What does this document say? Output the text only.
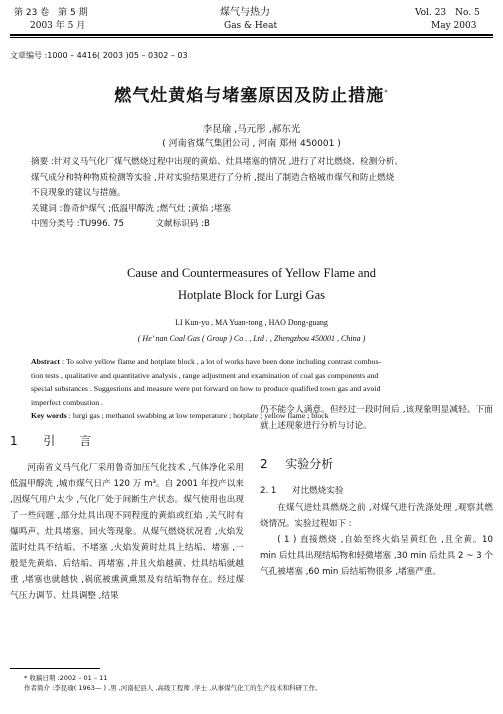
第 23 卷　第 5 期
2003 年 5 月
煤气与热力
Gas & Heat
Vol. 23　No. 5
May 2003
文章编号 :1000 – 4416( 2003 )05 – 0302 – 03
燃气灶黄焰与堵塞原因及防止措施*
李昆瑜 ,马元彤 ,郝东光
( 河南省煤气集团公司 , 河南 郑州 450001 )
摘要 :针对义马气化厂煤气燃烧过程中出现的黄焰、灶具堵塞的情况 ,进行了对比燃烧、检测分析、
煤气成分和特种物质检测等实验 ,并对实验结果进行了分析 ,提出了制造合格城市煤气和防止燃烧
不良现象的建议与措施。
关键词 :鲁奇炉煤气 ;低温甲醇洗 ;燃气灶 ;黄焰 ;堵塞
中图分类号 :TU996. 75	文献标识码 :B
Cause and Countermeasures of Yellow Flame and
Hotplate Block for Lurgi Gas
LI Kun-yu , MA Yuan-tong , HAO Dong-guang
( He’ nan Coal Gas ( Group ) Co . , Ltd . , Zhengzhou 450001 , China )
Abstract : To solve yellow flame and hotplate block , a lot of works have been done including contrast combus-
tion tests , qualitative and quantitative analysis , range adjustment and examination of coal gas components and
special substances . Suggestions and measure were put forward on how to produce qualified town gas and avoid
imperfect combustion .
Key words : lurgi gas ; methanol swabbing at low temperature ; hotplate ; yellow flame ; block
1 引　　言

河南省义马气化厂采用鲁奇加压气化技术 ,气体净化采用低温甲醇洗 ,城市煤气日产 120 万 m³。自 2001 年投产以来 ,因煤气用户太少 ,气化厂处于间断生产状态。煤气使用也出现了一些问题 ,部分灶具出现不同程度的黄焰或红焰 ,关气时有爆鸣声、灶具堵塞、回火等现象。从煤气燃烧状况看 ,火焰发蓝时灶具不结垢、不堵塞 ,火焰发黄时灶具上结垢、堵塞 ,一般是先黄焰、后结垢、再堵塞 ,并且火焰越黄、灶具结垢就越重 ,堵塞也就越快 ,祸底被熏黄熏黑及有结垢物存在。经过煤气压力调节、灶具调整 ,结果

仍不能令人满意。但经过一段时间后 ,该现象明显减轻。下面就上述现象进行分析与讨论。

2 实验分析
2. 1 对比燃烧实验

在煤气进灶具燃烧之前 ,对煤气进行洗涤处理 ,观察其燃烧情况。实验过程如下 :

( 1 ) 直接燃烧 ,自始至终火焰呈黄红色 ,且全黄。10 min 后灶具出现结垢物和轻微堵塞 ,30 min 后灶具 2 ~ 3 个气孔被堵塞 ,60 min 后结垢物很多 ,堵塞严重。

* 收稿日期 :2002 – 01 – 11
作者简介 :李昆瑜( 1963— ) ,男 ,河南杞县人 ,高级工程师 ,学士 ,从事煤气化工的生产技术和科研工作。
